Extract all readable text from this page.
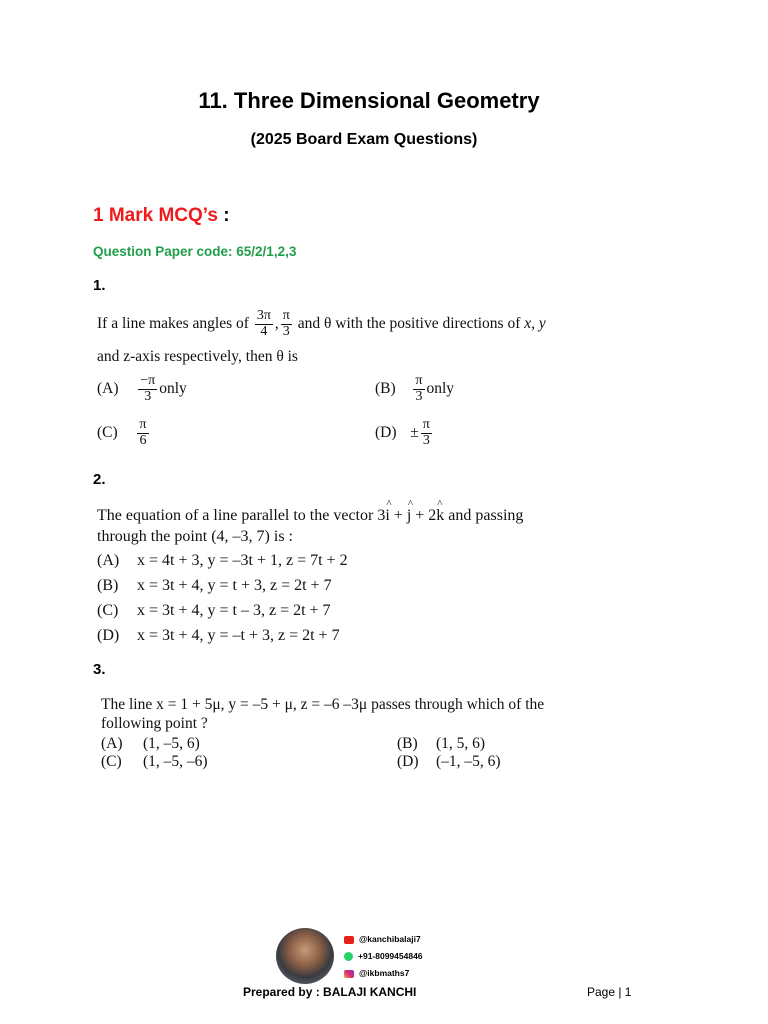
11. Three Dimensional Geometry
(2025 Board Exam Questions)
1 Mark MCQ’s :
Question Paper code: 65/2/1,2,3
1.
If a line makes angles of $\frac{3\pi}{4}$ , $\frac{\pi}{3}$ and θ with the positive directions of x, y
and z-axis respectively, then θ is
$(A) \frac{-\pi}{3}$ only	$(B) \frac{\pi}{3}$ only
$(C) \frac{\pi}{6}$	$(D) \pm \frac{\pi}{3}$
2.
The equation of a line parallel to the vector 3^ i + ^ j + 2^ k and passing
through the point (4, –3, 7) is :
(A) x = 4t + 3, y = –3t + 1, z = 7t + 2
(B) x = 3t + 4, y = t + 3, z = 2t + 7
(C) x = 3t + 4, y = t – 3, z = 2t + 7
(D) x = 3t + 4, y = –t + 3, z = 2t + 7
3.
The line x = 1 + 5μ, y = –5 + μ, z = –6 –3μ passes through which of the
following point ?
(A) (1, –5, 6)	(B) (1, 5, 6)
(C) (1, –5, –6)	(D) (–1, –5, 6)
@kanchibalaji7
+91-8099454846
@ikbmaths7
Prepared by : BALAJI KANCHI	Page | 1
